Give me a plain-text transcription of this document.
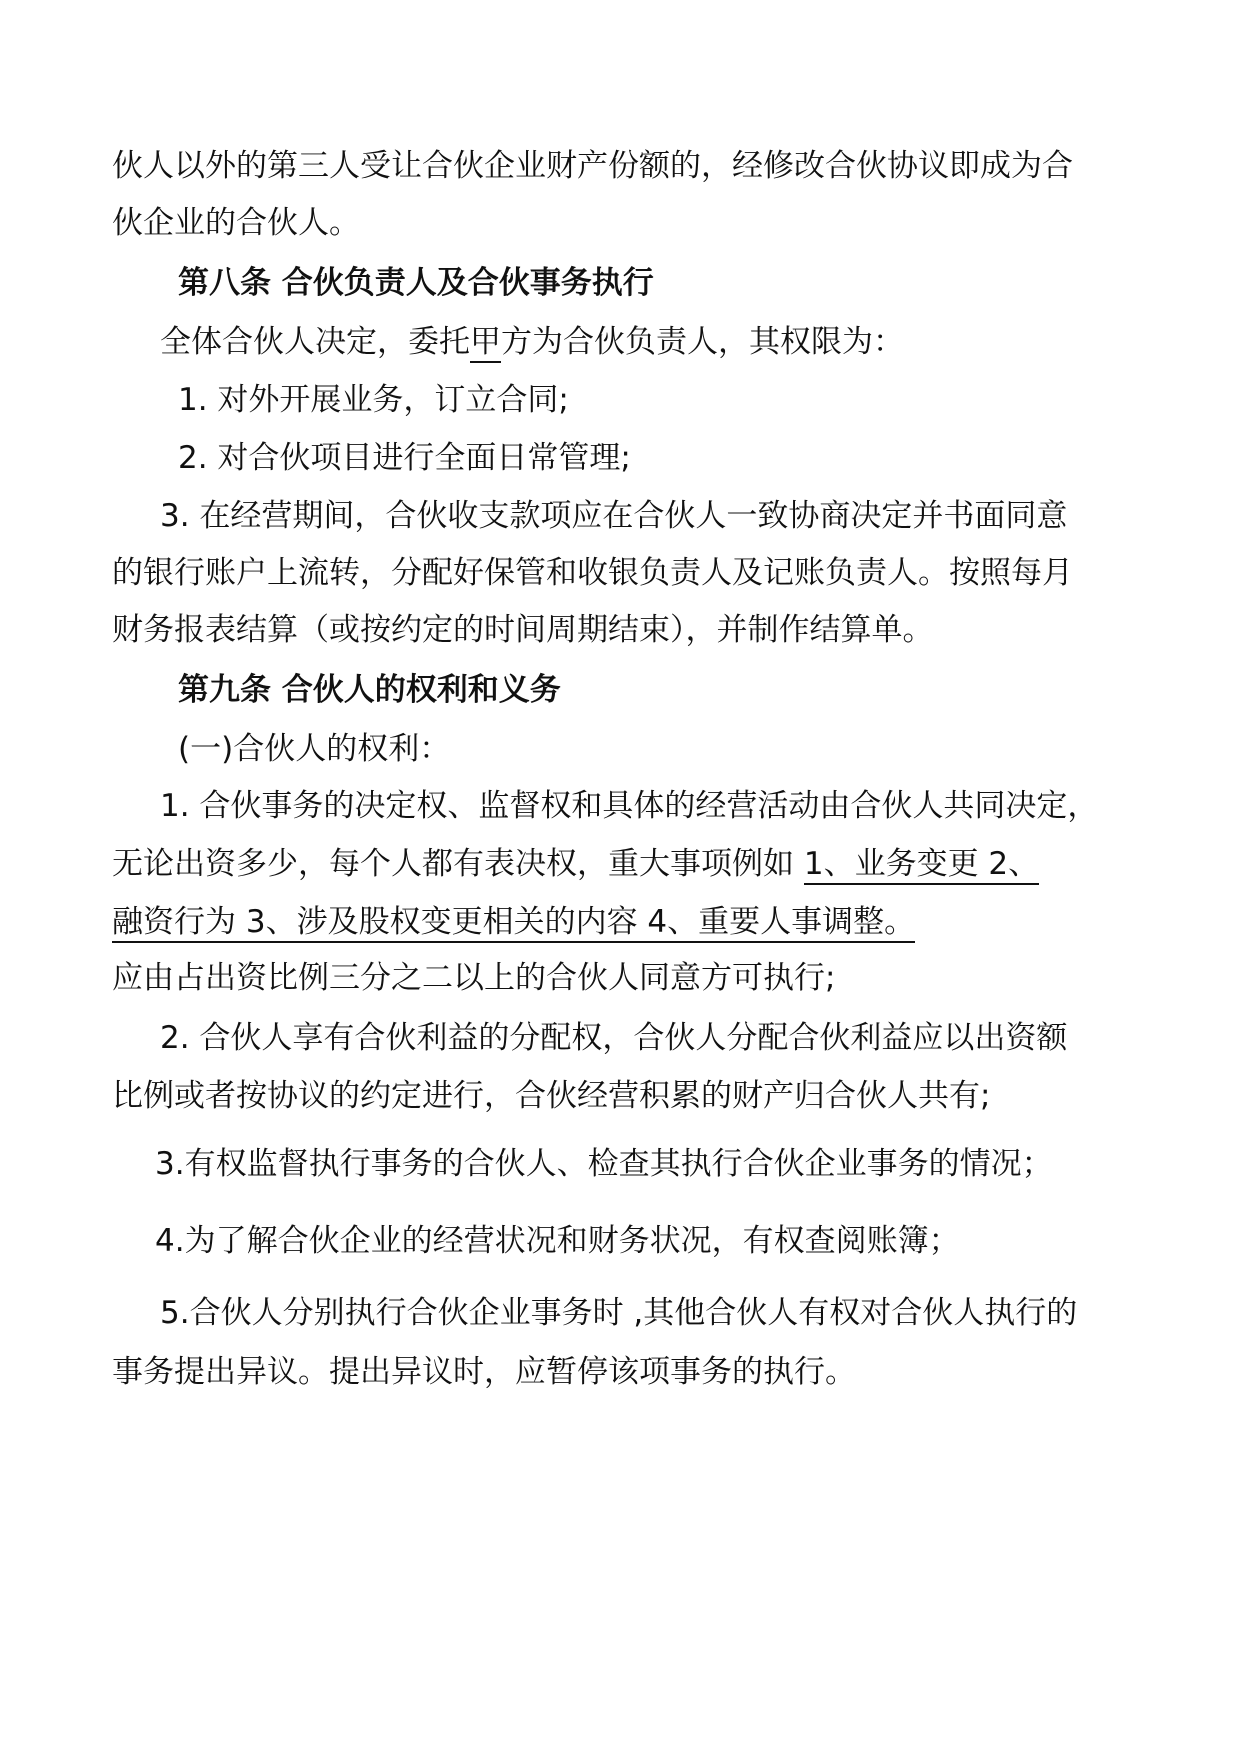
伙人以外的第三人受让合伙企业财产份额的，经修改合伙协议即成为合
伙企业的合伙人。
第八条 合伙负责人及合伙事务执行
全体合伙人决定，委托甲方为合伙负责人，其权限为：
1. 对外开展业务，订立合同;
2. 对合伙项目进行全面日常管理;
3. 在经营期间，合伙收支款项应在合伙人一致协商决定并书面同意
的银行账户上流转，分配好保管和收银负责人及记账负责人。按照每月
财务报表结算（或按约定的时间周期结束），并制作结算单。
第九条 合伙人的权利和义务
(一)合伙人的权利：
1. 合伙事务的决定权、监督权和具体的经营活动由合伙人共同决定，
无论出资多少，每个人都有表决权，重大事项例如 1、业务变更 2、
融资行为 3、涉及股权变更相关的内容 4、重要人事调整。
应由占出资比例三分之二以上的合伙人同意方可执行;
2. 合伙人享有合伙利益的分配权，合伙人分配合伙利益应以出资额
比例或者按协议的约定进行，合伙经营积累的财产归合伙人共有;
3.有权监督执行事务的合伙人、检查其执行合伙企业事务的情况；
4.为了解合伙企业的经营状况和财务状况，有权查阅账簿；
5.合伙人分别执行合伙企业事务时 ,其他合伙人有权对合伙人执行的
事务提出异议。提出异议时，应暂停该项事务的执行。
